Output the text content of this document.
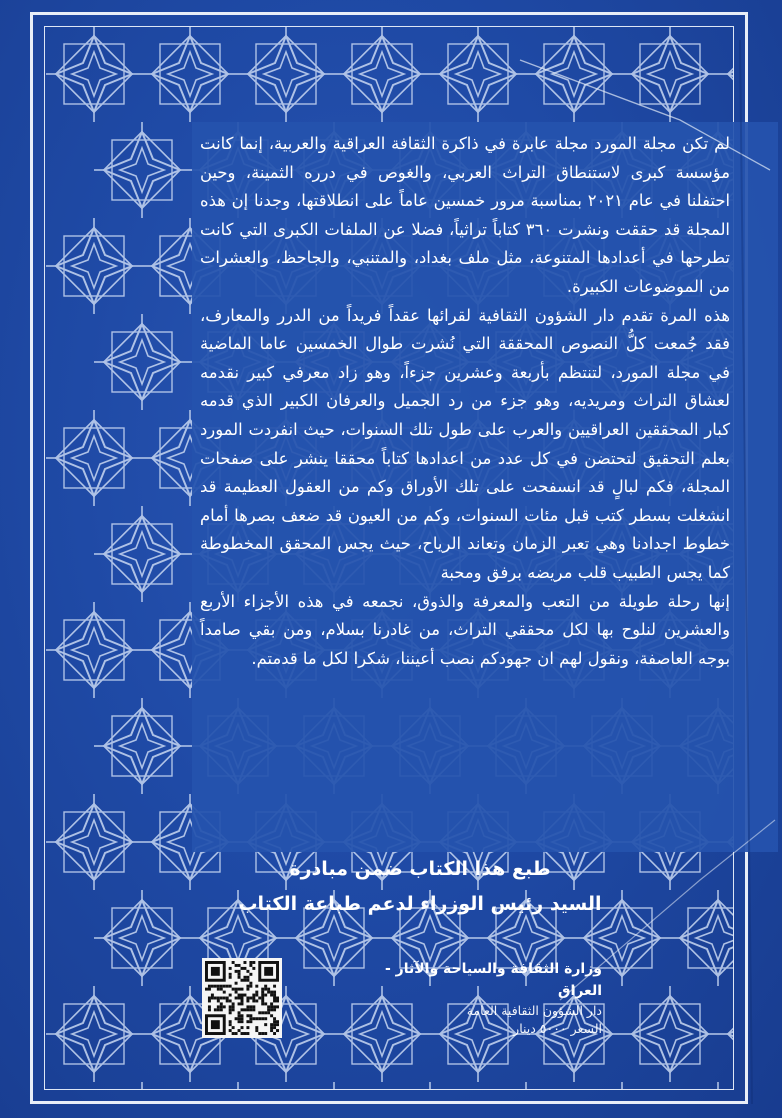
لم تكن مجلة المورد مجلة عابرة في ذاكرة الثقافة العراقية والعربية، إنما كانت مؤسسة كبرى لاستنطاق التراث العربي، والغوص في درره الثمينة، وحين احتفلنا في عام ٢٠٢١ بمناسبة مرور خمسين عاماً على انطلاقتها، وجدنا إن هذه المجلة قد حققت ونشرت ٣٦٠ كتاباً تراثياً، فضلا عن الملفات الكبرى التي كانت تطرحها في أعدادها المتنوعة، مثل ملف بغداد، والمتنبي، والجاحظ، والعشرات من الموضوعات الكبيرة.

هذه المرة تقدم دار الشؤون الثقافية لقرائها عقداً فريداً من الدرر والمعارف، فقد جُمعت كلُّ النصوص المحققة التي نُشرت طوال الخمسين عاما الماضية في مجلة المورد، لتنتظم بأربعة وعشرين جزءاً، وهو زاد معرفي كبير نقدمه لعشاق التراث ومريديه، وهو جزء من رد الجميل والعرفان الكبير الذي قدمه كبار المحققين العراقيين والعرب على طول تلك السنوات، حيث انفردت المورد بعلم التحقيق لتحتضن في كل عدد من اعدادها كتاباً محققا ينشر على صفحات المجلة، فكم لبالٍ قد انسفحت على تلك الأوراق وكم من العقول العظيمة قد انشغلت بسطر كتب قبل مئات السنوات، وكم من العيون قد ضعف بصرها أمام خطوط اجدادنا وهي تعبر الزمان وتعاند الرياح، حيث يجس المحقق المخطوطة كما يجس الطبيب قلب مريضه برفق ومحبة

إنها رحلة طويلة من التعب والمعرفة والذوق، نجمعه في هذه الأجزاء الأربع والعشرين لنلوح بها لكل محققي التراث، من غادرنا بسلام، ومن بقي صامداً بوجه العاصفة، ونقول لهم ان جهودكم نصب أعيننا، شكرا لكل ما قدمتم.

طبع هذا الكتاب ضمن مبادرة
السيد رئيس الوزراء لدعم طباعة الكتاب
وزارة الثقافة والسياحة والآثار - العراق
دار الشؤون الثقافية العامة
السعر ٥٠٠٠ دينار
